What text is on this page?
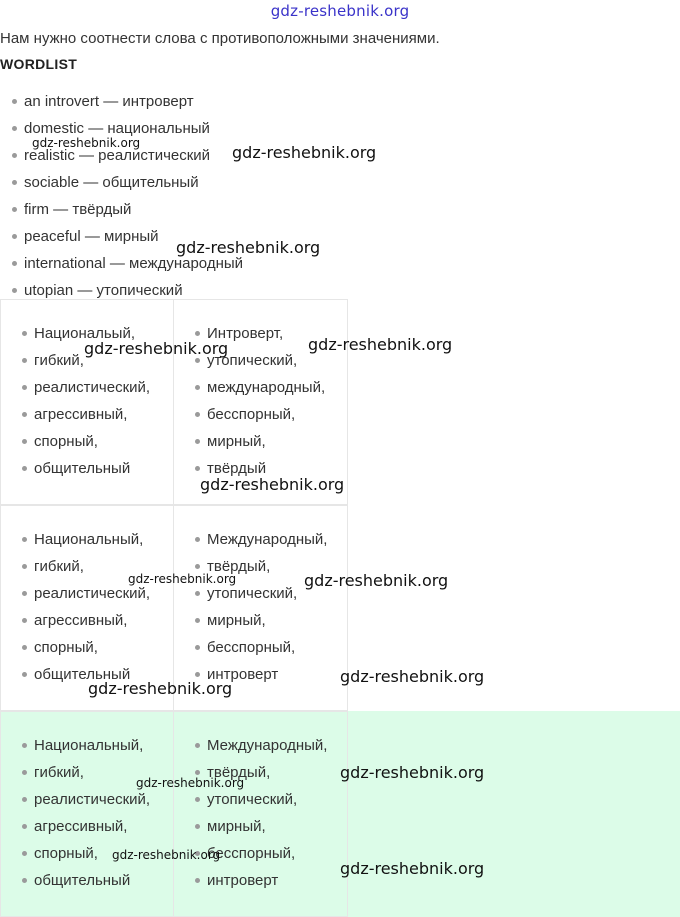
gdz-reshebnik.org
Нам нужно соотнести слова с противоположными значениями.
WORDLIST
an introvert — интроверт
domestic — национальный
realistic — реалистический
sociable — общительный
firm — твёрдый
peaceful — мирный
international — международный
utopian — утопический
Национальый,
гибкий,
реалистический,
агрессивный,
спорный,
общительный
Интроверт,
утопический,
международный,
бесспорный,
мирный,
твёрдый
Национальный,
гибкий,
реалистический,
агрессивный,
спорный,
общительный
Международный,
твёрдый,
утопический,
мирный,
бесспорный,
интроверт
Национальный,
гибкий,
реалистический,
агрессивный,
спорный,
общительный
Международный,
твёрдый,
утопический,
мирный,
бесспорный,
интроверт
gdz-reshebnik.org	gdz-reshebnik.org
gdz-reshebnik.org
gdz-reshebnik.org	gdz-reshebnik.org
gdz-reshebnik.org
gdz-reshebnik.org	gdz-reshebnik.org
gdz-reshebnik.org
gdz-reshebnik.org
gdz-reshebnik.org
gdz-reshebnik.org
gdz-reshebnik.org
gdz-reshebnik.org
